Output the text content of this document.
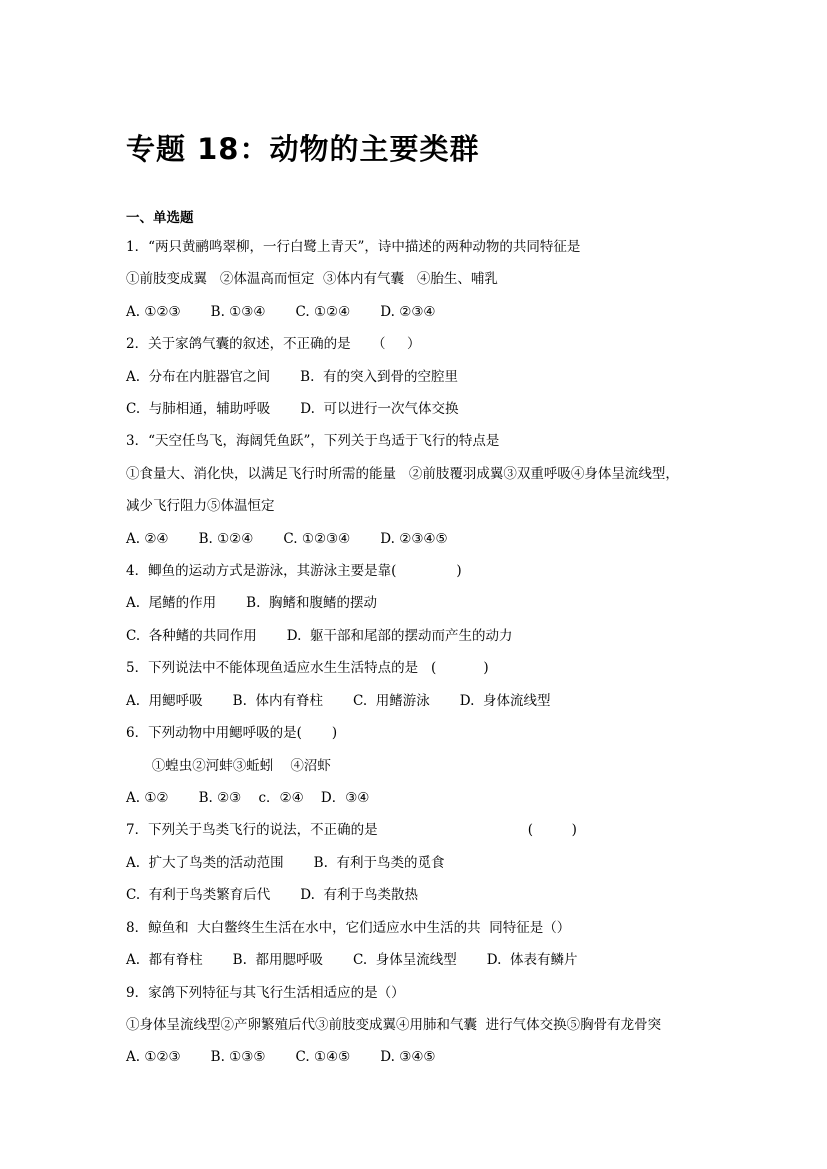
专题 18：动物的主要类群
一、单选题
1．“两只黄鹂鸣翠柳，一行白鹭上青天”，诗中描述的两种动物的共同特征是
①前肢变成翼   ②体温高而恒定  ③体内有气囊   ④胎生、哺乳
A. ①②③       B. ①③④       C. ①②④       D. ②③④
2．关于家鸽气囊的叙述，不正确的是     （     ）
A.  分布在内脏器官之间       B.  有的突入到骨的空腔里
C.  与肺相通，辅助呼吸       D.  可以进行一次气体交换
3．“天空任鸟飞，海阔凭鱼跃”，下列关于鸟适于飞行的特点是
①食量大、消化快，以满足飞行时所需的能量   ②前肢覆羽成翼③双重呼吸④身体呈流线型，
减少飞行阻力⑤体温恒定
A. ②④       B. ①②④       C. ①②③④       D. ②③④⑤
4．鲫鱼的运动方式是游泳，其游泳主要是靠(              )
A.  尾鳍的作用       B.  胸鳍和腹鳍的摆动
C.  各种鳍的共同作用       D.  躯干部和尾部的摆动而产生的动力
5．下列说法中不能体现鱼适应水生生活特点的是   (           )
A.  用鳃呼吸       B.  体内有脊柱       C.  用鳍游泳       D.  身体流线型
6．下列动物中用鳃呼吸的是(       )
①蝗虫②河蚌③蚯蚓    ④沼虾
A. ①②       B. ②③    c．②④    D．③④
7．下列关于鸟类飞行的说法，不正确的是                                   (         )
A.  扩大了鸟类的活动范围       B.  有利于鸟类的觅食
C.  有利于鸟类繁育后代       D.  有利于鸟类散热
8．鲸鱼和  大白鳖终生生活在水中，它们适应水中生活的共  同特征是（）
A.  都有脊柱       B.  都用腮呼吸       C.  身体呈流线型       D.  体表有鳞片
9．家鸽下列特征与其飞行生活相适应的是（）
①身体呈流线型②产卵繁殖后代③前肢变成翼④用肺和气囊  进行气体交换⑤胸骨有龙骨突
A. ①②③       B. ①③⑤       C. ①④⑤       D. ③④⑤
